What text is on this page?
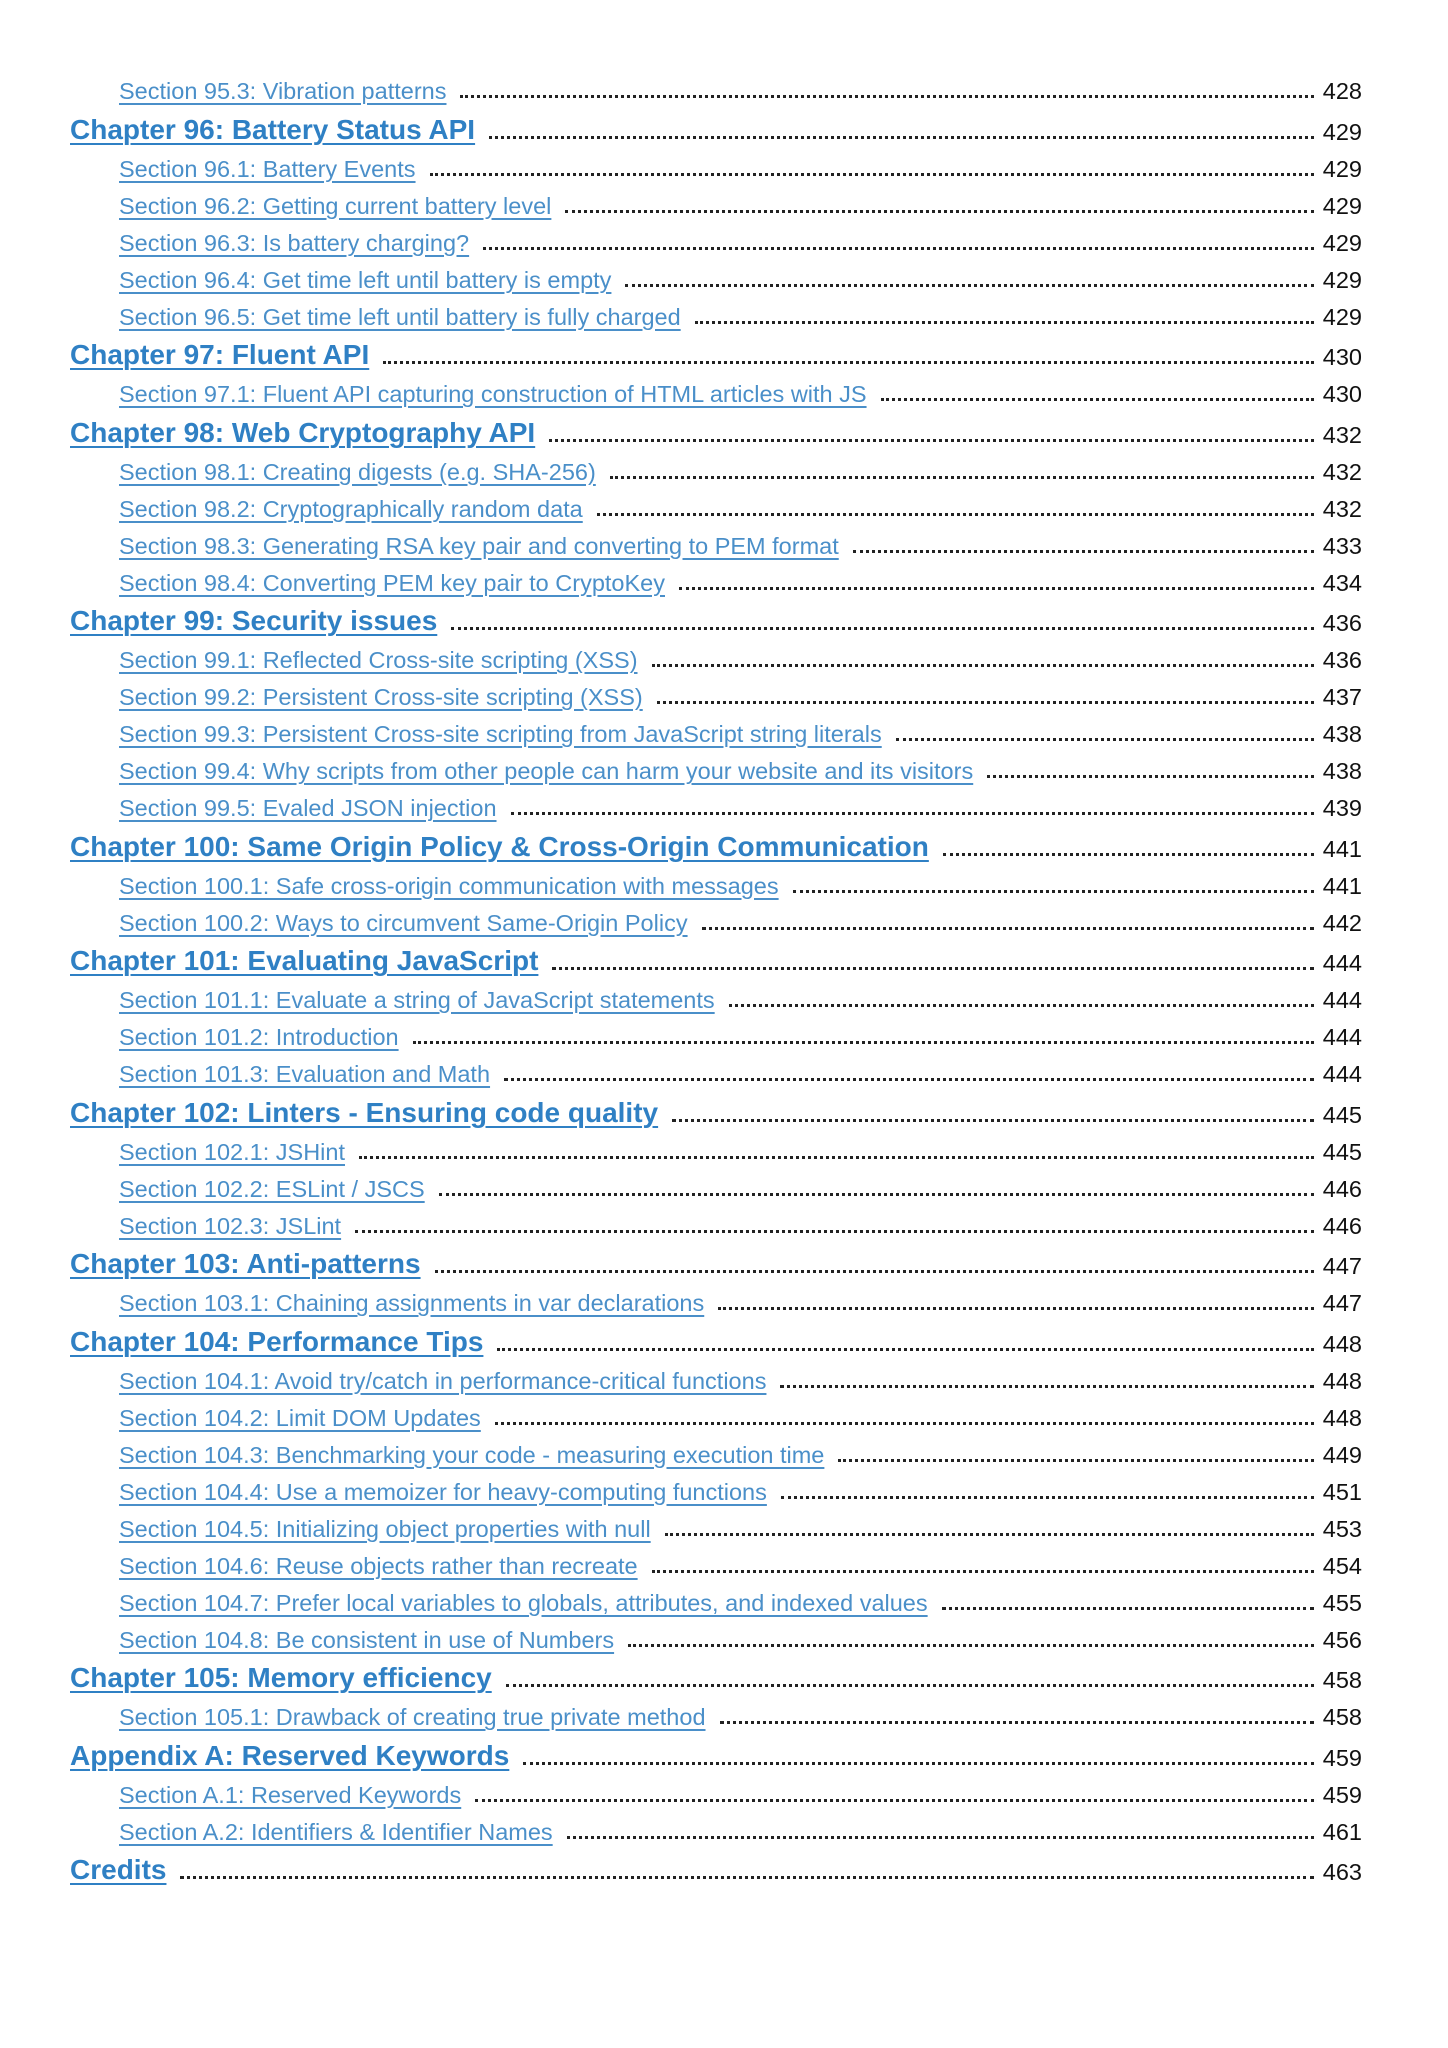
Section 95.3: Vibration patterns	428
Chapter 96: Battery Status API	429
Section 96.1: Battery Events	429
Section 96.2: Getting current battery level	429
Section 96.3: Is battery charging?	429
Section 96.4: Get time left until battery is empty	429
Section 96.5: Get time left until battery is fully charged	429
Chapter 97: Fluent API	430
Section 97.1: Fluent API capturing construction of HTML articles with JS	430
Chapter 98: Web Cryptography API	432
Section 98.1: Creating digests (e.g. SHA-256)	432
Section 98.2: Cryptographically random data	432
Section 98.3: Generating RSA key pair and converting to PEM format	433
Section 98.4: Converting PEM key pair to CryptoKey	434
Chapter 99: Security issues	436
Section 99.1: Reflected Cross-site scripting (XSS)	436
Section 99.2: Persistent Cross-site scripting (XSS)	437
Section 99.3: Persistent Cross-site scripting from JavaScript string literals	438
Section 99.4: Why scripts from other people can harm your website and its visitors	438
Section 99.5: Evaled JSON injection	439
Chapter 100: Same Origin Policy & Cross-Origin Communication	441
Section 100.1: Safe cross-origin communication with messages	441
Section 100.2: Ways to circumvent Same-Origin Policy	442
Chapter 101: Evaluating JavaScript	444
Section 101.1: Evaluate a string of JavaScript statements	444
Section 101.2: Introduction	444
Section 101.3: Evaluation and Math	444
Chapter 102: Linters - Ensuring code quality	445
Section 102.1: JSHint	445
Section 102.2: ESLint / JSCS	446
Section 102.3: JSLint	446
Chapter 103: Anti-patterns	447
Section 103.1: Chaining assignments in var declarations	447
Chapter 104: Performance Tips	448
Section 104.1: Avoid try/catch in performance-critical functions	448
Section 104.2: Limit DOM Updates	448
Section 104.3: Benchmarking your code - measuring execution time	449
Section 104.4: Use a memoizer for heavy-computing functions	451
Section 104.5: Initializing object properties with null	453
Section 104.6: Reuse objects rather than recreate	454
Section 104.7: Prefer local variables to globals, attributes, and indexed values	455
Section 104.8: Be consistent in use of Numbers	456
Chapter 105: Memory efficiency	458
Section 105.1: Drawback of creating true private method	458
Appendix A: Reserved Keywords	459
Section A.1: Reserved Keywords	459
Section A.2: Identifiers & Identifier Names	461
Credits	463
